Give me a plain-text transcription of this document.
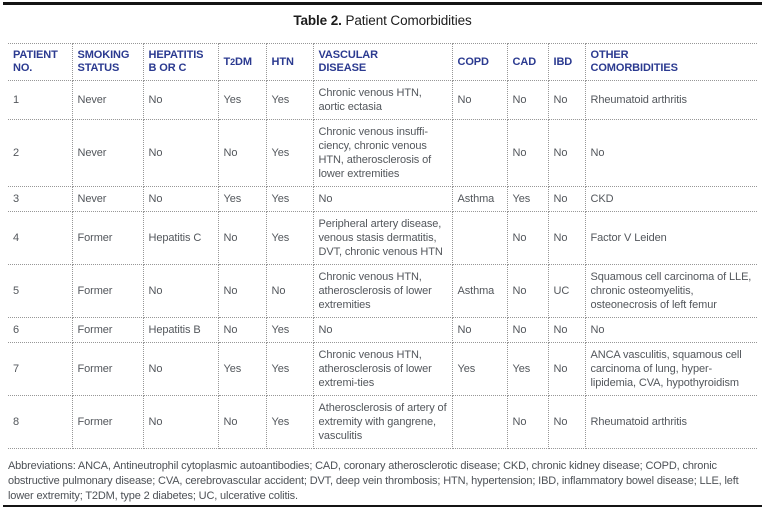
Table 2. Patient Comorbidities
PATIENT NO.	SMOKING STATUS	HEPATITIS B OR C	T2DM	HTN	VASCULAR DISEASE	COPD	CAD	IBD	OTHER COMORBIDITIES
1	Never	No	Yes	Yes	Chronic venous HTN, aortic ectasia	No	No	No	Rheumatoid arthritis
2	Never	No	No	Yes	Chronic venous insuffi-ciency, chronic venous HTN, atherosclerosis of lower extremities		No	No	No
3	Never	No	Yes	Yes	No	Asthma	Yes	No	CKD
4	Former	Hepatitis C	No	Yes	Peripheral artery disease, venous stasis dermatitis, DVT, chronic venous HTN		No	No	Factor V Leiden
5	Former	No	No	No	Chronic venous HTN, atherosclerosis of lower extremities	Asthma	No	UC	Squamous cell carcinoma of LLE, chronic osteomyelitis, osteonecrosis of left femur
6	Former	Hepatitis B	No	Yes	No	No	No	No	No
7	Former	No	Yes	Yes	Chronic venous HTN, atherosclerosis of lower extremi-ties	Yes	Yes	No	ANCA vasculitis, squamous cell carcinoma of lung, hyper-lipidemia, CVA, hypothyroidism
8	Former	No	No	Yes	Atherosclerosis of artery of extremity with gangrene, vasculitis		No	No	Rheumatoid arthritis
Abbreviations: ANCA, Antineutrophil cytoplasmic autoantibodies; CAD, coronary atherosclerotic disease; CKD, chronic kidney disease; COPD, chronic obstructive pulmonary disease; CVA, cerebrovascular accident; DVT, deep vein thrombosis; HTN, hypertension; IBD, inflammatory bowel disease; LLE, left lower extremity; T2DM, type 2 diabetes; UC, ulcerative colitis.
